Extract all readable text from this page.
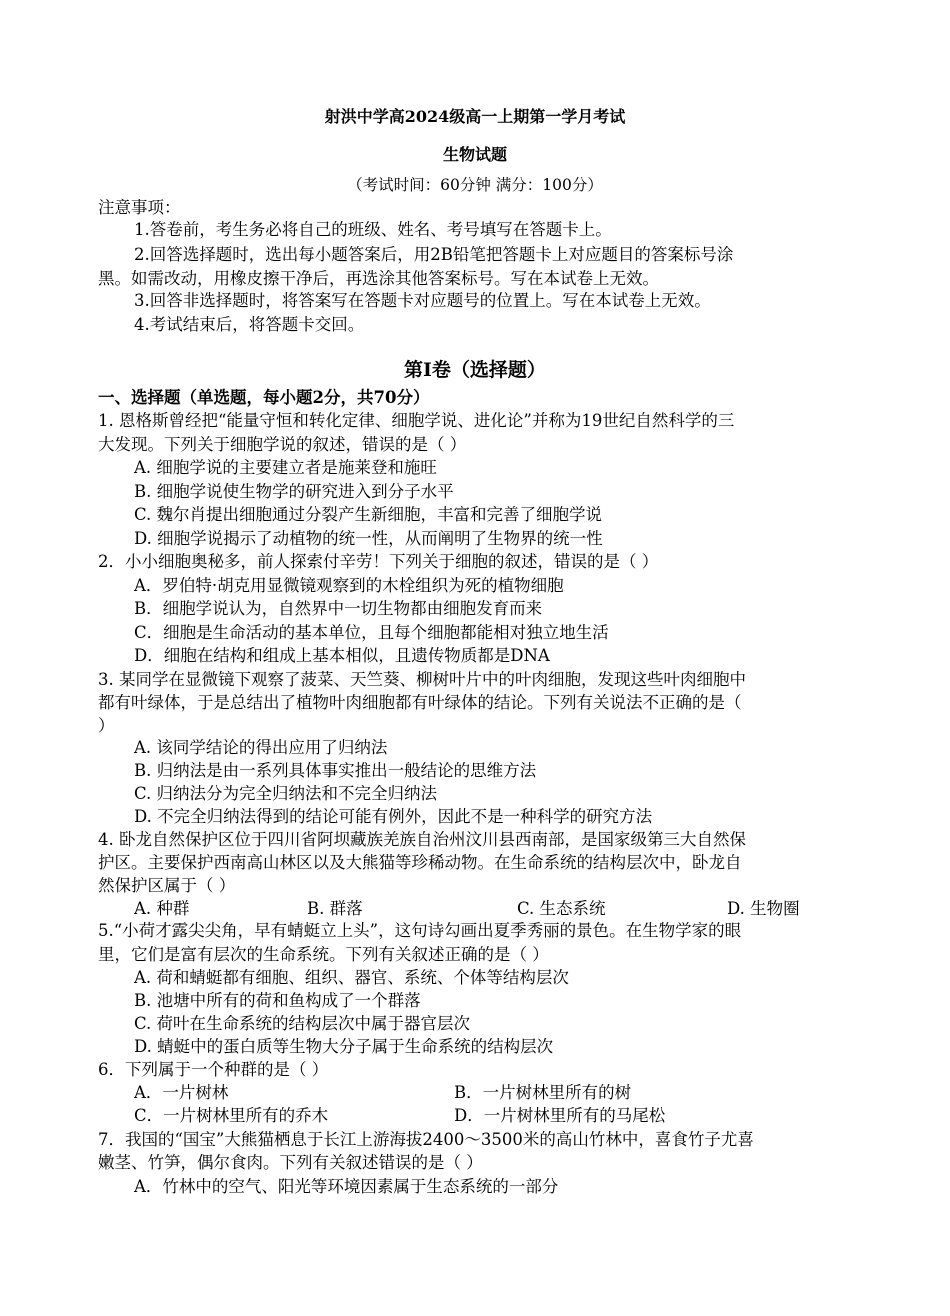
射洪中学高2024级高一上期第一学月考试
生物试题
（考试时间：60分钟 满分：100分）
注意事项：
1.答卷前，考生务必将自己的班级、姓名、考号填写在答题卡上。
2.回答选择题时，选出每小题答案后，用2B铅笔把答题卡上对应题目的答案标号涂
黑。如需改动，用橡皮擦干净后，再选涂其他答案标号。写在本试卷上无效。
3.回答非选择题时，将答案写在答题卡对应题号的位置上。写在本试卷上无效。
4.考试结束后，将答题卡交回。
第I卷（选择题）
一、选择题（单选题，每小题2分，共70分）
1. 恩格斯曾经把“能量守恒和转化定律、细胞学说、进化论”并称为19世纪自然科学的三
大发现。下列关于细胞学说的叙述，错误的是（ ）
A. 细胞学说的主要建立者是施莱登和施旺
B. 细胞学说使生物学的研究进入到分子水平
C. 魏尔肖提出细胞通过分裂产生新细胞，丰富和完善了细胞学说
D. 细胞学说揭示了动植物的统一性，从而阐明了生物界的统一性
2．小小细胞奥秘多，前人探索付辛劳！下列关于细胞的叙述，错误的是（ ）
A．罗伯特·胡克用显微镜观察到的木栓组织为死的植物细胞
B．细胞学说认为，自然界中一切生物都由细胞发育而来
C．细胞是生命活动的基本单位，且每个细胞都能相对独立地生活
D．细胞在结构和组成上基本相似，且遗传物质都是DNA
3. 某同学在显微镜下观察了菠菜、天竺葵、柳树叶片中的叶肉细胞，发现这些叶肉细胞中
都有叶绿体，于是总结出了植物叶肉细胞都有叶绿体的结论。下列有关说法不正确的是（
）
A. 该同学结论的得出应用了归纳法
B. 归纳法是由一系列具体事实推出一般结论的思维方法
C. 归纳法分为完全归纳法和不完全归纳法
D. 不完全归纳法得到的结论可能有例外，因此不是一种科学的研究方法
4. 卧龙自然保护区位于四川省阿坝藏族羌族自治州汶川县西南部，是国家级第三大自然保
护区。主要保护西南高山林区以及大熊猫等珍稀动物。在生命系统的结构层次中，卧龙自
然保护区属于（ ）
A. 种群	B. 群落	C. 生态系统	D. 生物圈
5.“小荷才露尖尖角，早有蜻蜓立上头”，这句诗勾画出夏季秀丽的景色。在生物学家的眼
里，它们是富有层次的生命系统。下列有关叙述正确的是（ ）
A. 荷和蜻蜓都有细胞、组织、器官、系统、个体等结构层次
B. 池塘中所有的荷和鱼构成了一个群落
C. 荷叶在生命系统的结构层次中属于器官层次
D. 蜻蜓中的蛋白质等生物大分子属于生命系统的结构层次
6．下列属于一个种群的是（ ）
A．一片树林	B．一片树林里所有的树
C．一片树林里所有的乔木	D．一片树林里所有的马尾松
7．我国的“国宝”大熊猫栖息于长江上游海拔2400～3500米的高山竹林中，喜食竹子尤喜
嫩茎、竹笋，偶尔食肉。下列有关叙述错误的是（ ）
A．竹林中的空气、阳光等环境因素属于生态系统的一部分
